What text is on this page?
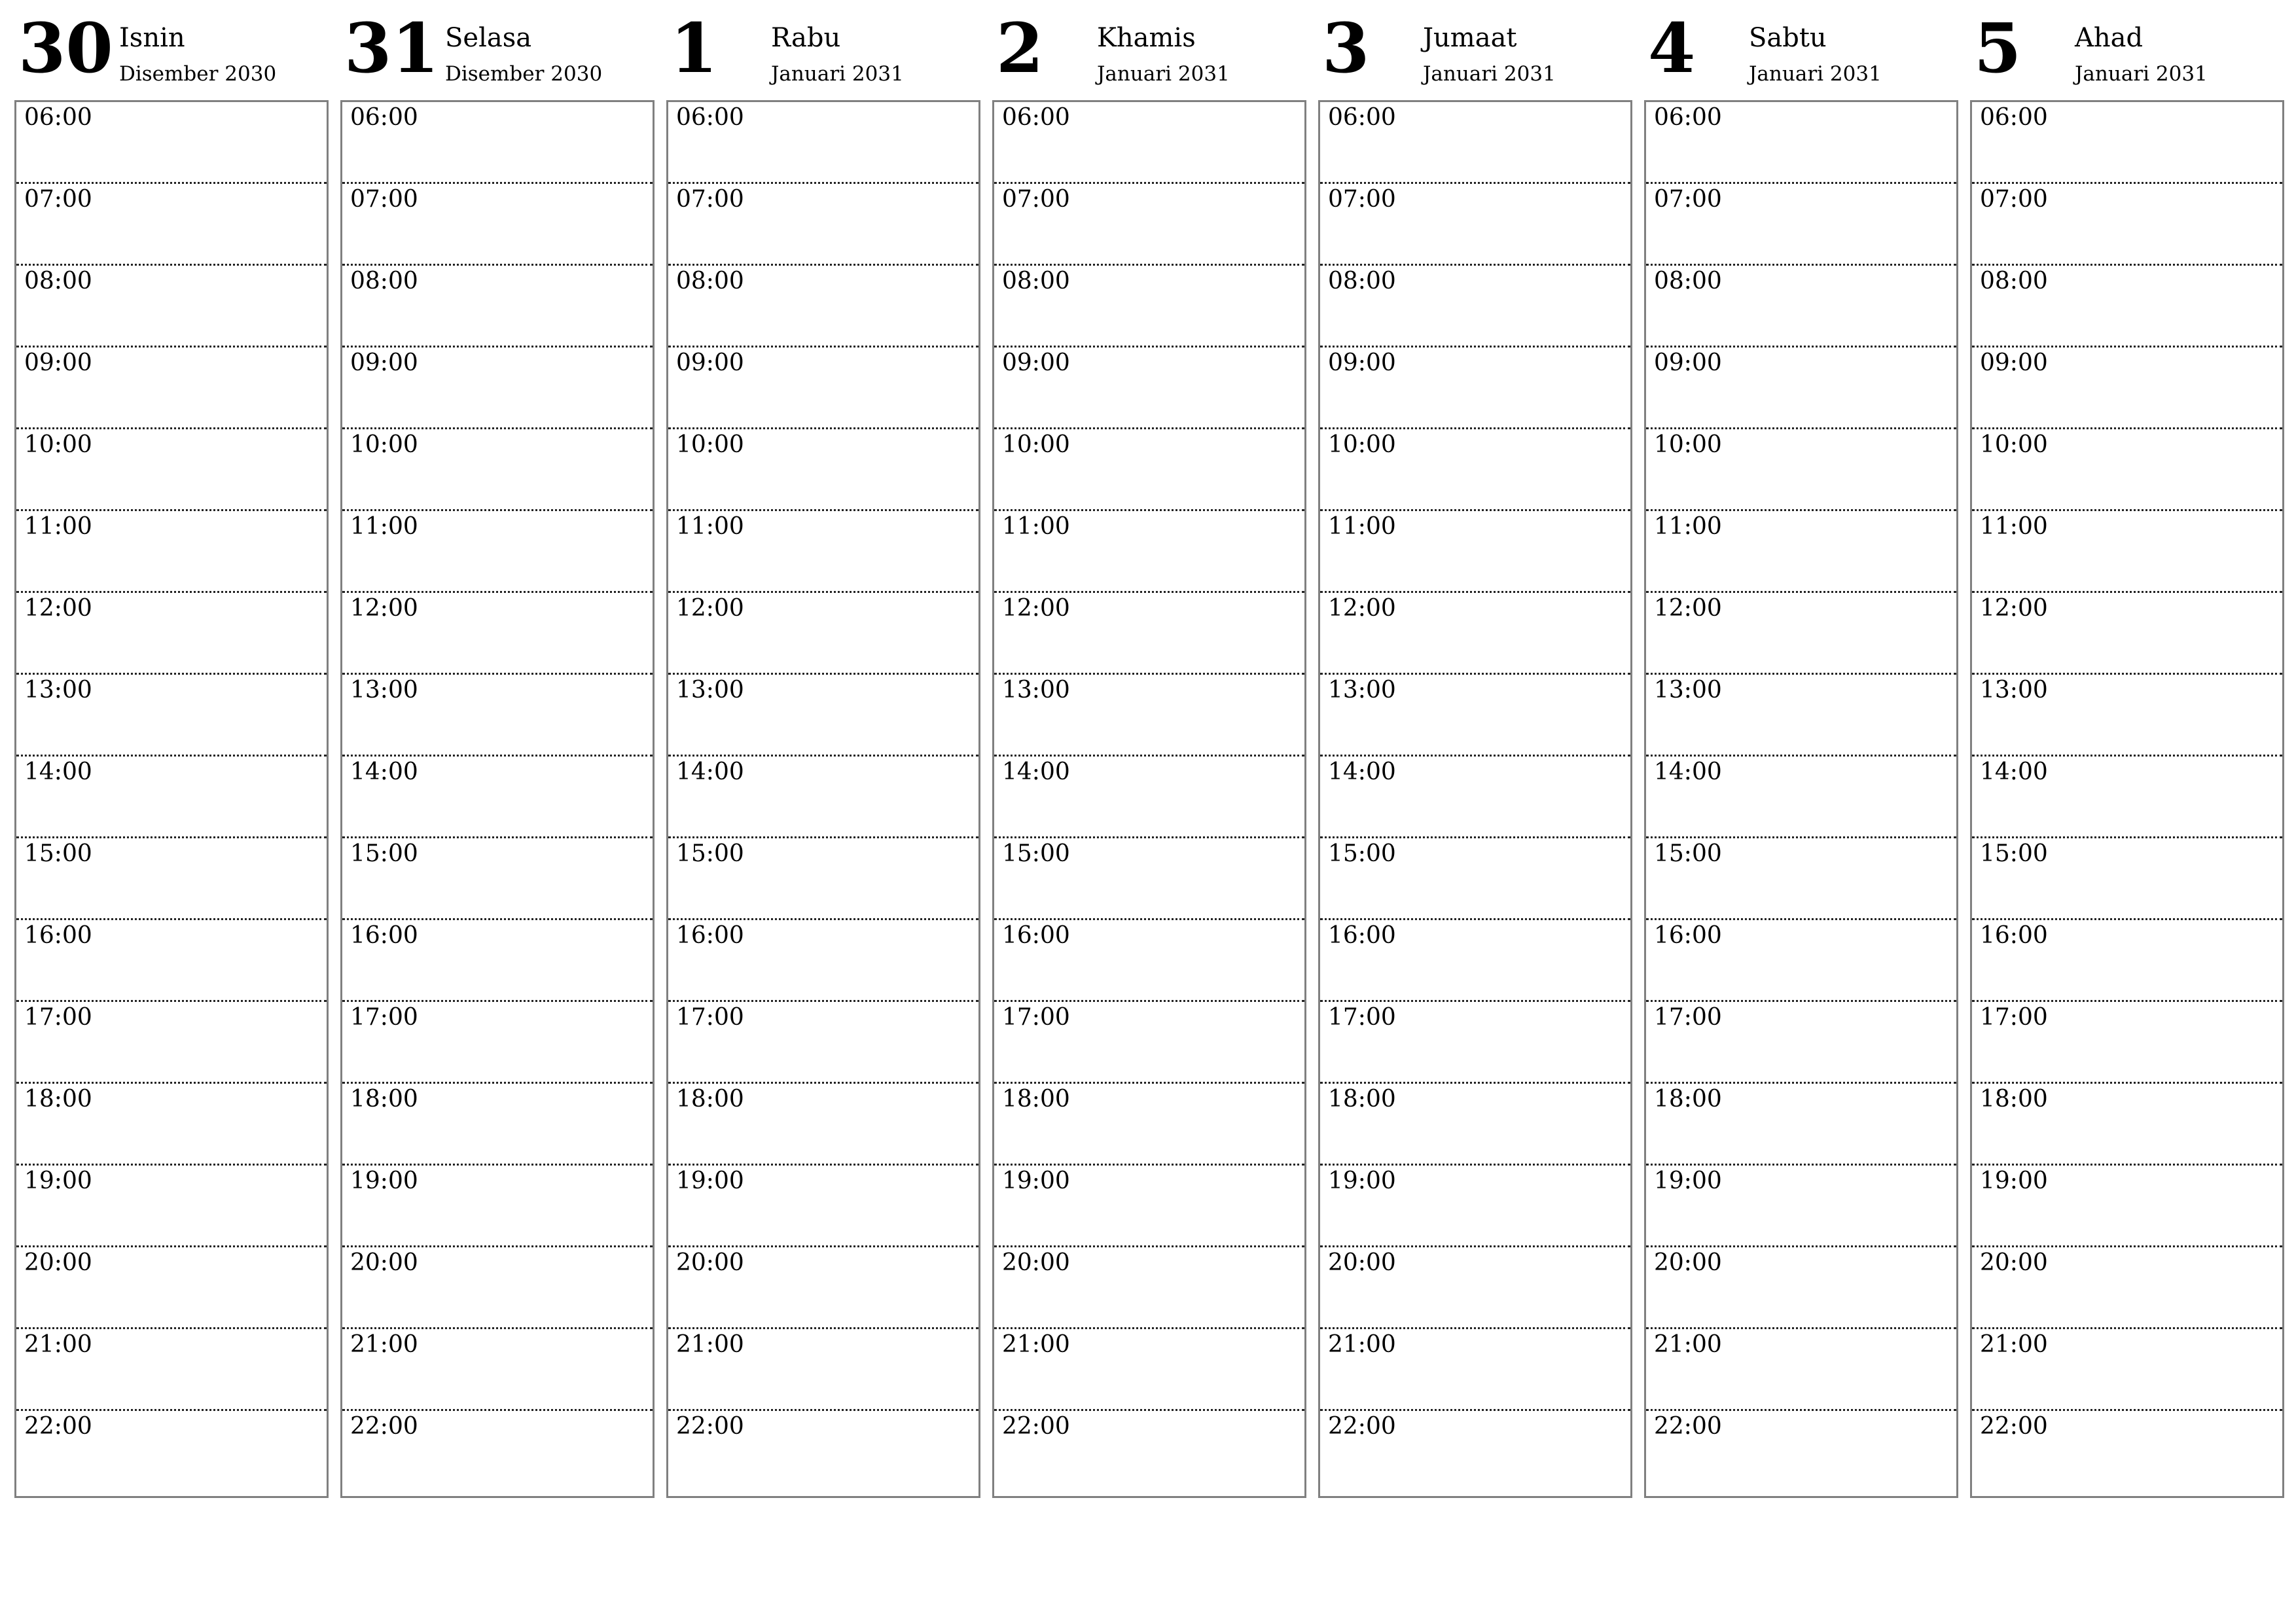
30 Isnin
Disember 2030
06:00
07:00
08:00
09:00
10:00
11:00
12:00
13:00
14:00
15:00
16:00
17:00
18:00
19:00
20:00
21:00
22:00
31 Selasa
Disember 2030
06:00
07:00
08:00
09:00
10:00
11:00
12:00
13:00
14:00
15:00
16:00
17:00
18:00
19:00
20:00
21:00
22:00
1 Rabu
Januari 2031
06:00
07:00
08:00
09:00
10:00
11:00
12:00
13:00
14:00
15:00
16:00
17:00
18:00
19:00
20:00
21:00
22:00
2 Khamis
Januari 2031
06:00
07:00
08:00
09:00
10:00
11:00
12:00
13:00
14:00
15:00
16:00
17:00
18:00
19:00
20:00
21:00
22:00
3 Jumaat
Januari 2031
06:00
07:00
08:00
09:00
10:00
11:00
12:00
13:00
14:00
15:00
16:00
17:00
18:00
19:00
20:00
21:00
22:00
4 Sabtu
Januari 2031
06:00
07:00
08:00
09:00
10:00
11:00
12:00
13:00
14:00
15:00
16:00
17:00
18:00
19:00
20:00
21:00
22:00
5 Ahad
Januari 2031
06:00
07:00
08:00
09:00
10:00
11:00
12:00
13:00
14:00
15:00
16:00
17:00
18:00
19:00
20:00
21:00
22:00
